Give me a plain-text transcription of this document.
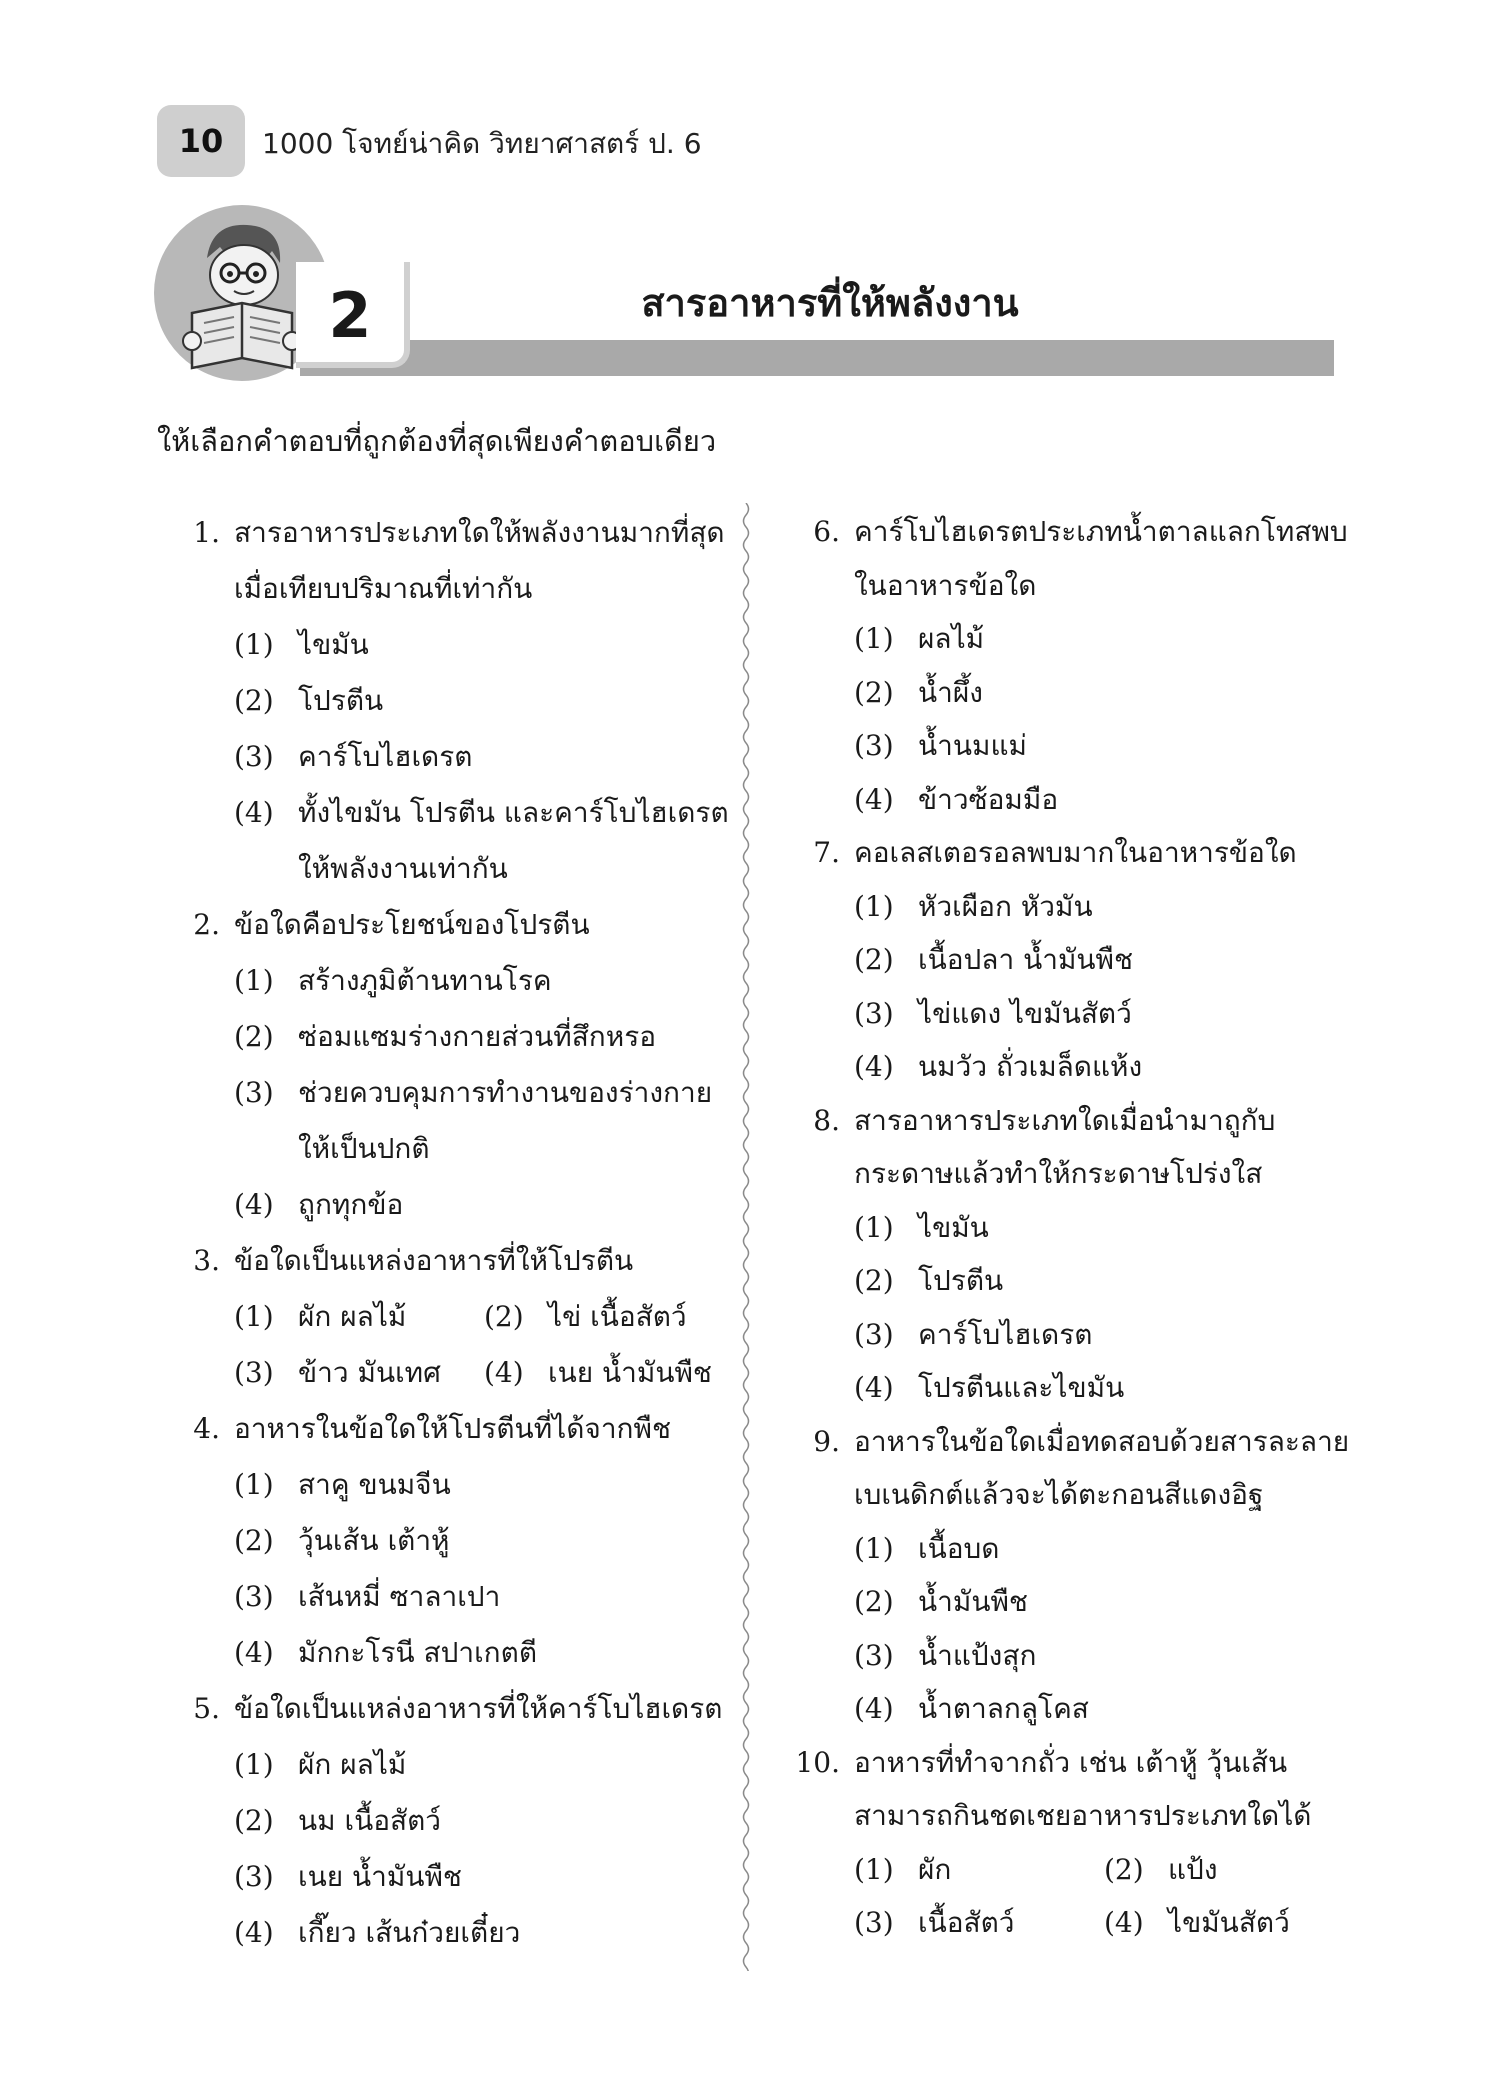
10	1000 โจทย์น่าคิด วิทยาศาสตร์ ป. 6
2	สารอาหารที่ให้พลังงาน
ให้เลือกคำตอบที่ถูกต้องที่สุดเพียงคำตอบเดียว
1. สารอาหารประเภทใดให้พลังงานมากที่สุด
เมื่อเทียบปริมาณที่เท่ากัน
(1) ไขมัน
(2) โปรตีน
(3) คาร์โบไฮเดรต
(4) ทั้งไขมัน โปรตีน และคาร์โบไฮเดรต
ให้พลังงานเท่ากัน
2. ข้อใดคือประโยชน์ของโปรตีน
(1) สร้างภูมิต้านทานโรค
(2) ซ่อมแซมร่างกายส่วนที่สึกหรอ
(3) ช่วยควบคุมการทำงานของร่างกาย
ให้เป็นปกติ
(4) ถูกทุกข้อ
3. ข้อใดเป็นแหล่งอาหารที่ให้โปรตีน
(1) ผัก ผลไม้	(2) ไข่ เนื้อสัตว์
(3) ข้าว มันเทศ (4) เนย น้ำมันพืช
4. อาหารในข้อใดให้โปรตีนที่ได้จากพืช
(1) สาคู ขนมจีน
(2) วุ้นเส้น เต้าหู้
(3) เส้นหมี่ ซาลาเปา
(4) มักกะโรนี สปาเกตตี
5. ข้อใดเป็นแหล่งอาหารที่ให้คาร์โบไฮเดรต
(1) ผัก ผลไม้
(2) นม เนื้อสัตว์
(3) เนย น้ำมันพืช
(4) เกี๊ยว เส้นก๋วยเตี๋ยว
6. คาร์โบไฮเดรตประเภทน้ำตาลแลกโทสพบ
ในอาหารข้อใด
(1) ผลไม้
(2) น้ำผึ้ง
(3) น้ำนมแม่
(4) ข้าวซ้อมมือ
7. คอเลสเตอรอลพบมากในอาหารข้อใด
(1) หัวเผือก หัวมัน
(2) เนื้อปลา น้ำมันพืช
(3) ไข่แดง ไขมันสัตว์
(4) นมวัว ถั่วเมล็ดแห้ง
8. สารอาหารประเภทใดเมื่อนำมาถูกับ
กระดาษแล้วทำให้กระดาษโปร่งใส
(1) ไขมัน
(2) โปรตีน
(3) คาร์โบไฮเดรต
(4) โปรตีนและไขมัน
9. อาหารในข้อใดเมื่อทดสอบด้วยสารละลาย
เบเนดิกต์แล้วจะได้ตะกอนสีแดงอิฐ
(1) เนื้อบด
(2) น้ำมันพืช
(3) น้ำแป้งสุก
(4) น้ำตาลกลูโคส
10. อาหารที่ทำจากถั่ว เช่น เต้าหู้ วุ้นเส้น
สามารถกินชดเชยอาหารประเภทใดได้
(1) ผัก	(2) แป้ง
(3) เนื้อสัตว์	(4) ไขมันสัตว์
